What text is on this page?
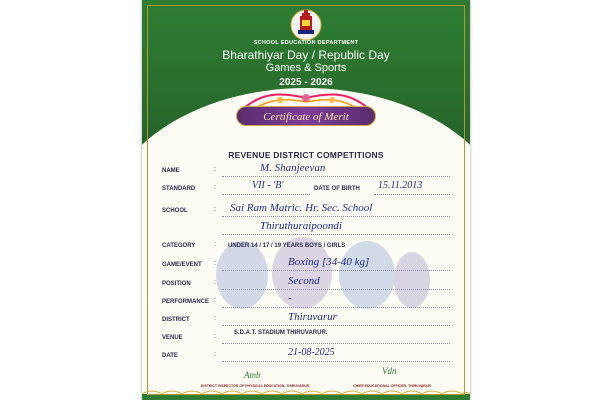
SCHOOL EDUCATION DEPARTMENT
Bharathiyar Day / Republic Day
Games & Sports
2025 - 2026
Certificate of Merit
REVENUE DISTRICT COMPETITIONS
NAME	:	M. Shanjeevan
STANDARD	:	VII - 'B'	DATE OF BIRTH 15.11.2013
SCHOOL	: Sai Ram Matric. Hr. Sec. School
Thiruthuraipoondi
CATEGORY	: UNDER 14 / 17 / 19 YEARS BOYS / GIRLS
GAME/EVENT :	Boxing [34-40 kg]
POSITION	:	Second
PERFORMANCE :	-
DISTRICT	:	Thiruvarur
VENUE	:	S.D.A.T. STADIUM THIRUVARUR.
DATE	:	21-08-2025
Amb	Vdn
DISTRICT INSPECTOR OF PHYSICAL EDUCATION, THIRUVARUR	CHIEF EDUCATIONAL OFFICER, THIRUVARUR
